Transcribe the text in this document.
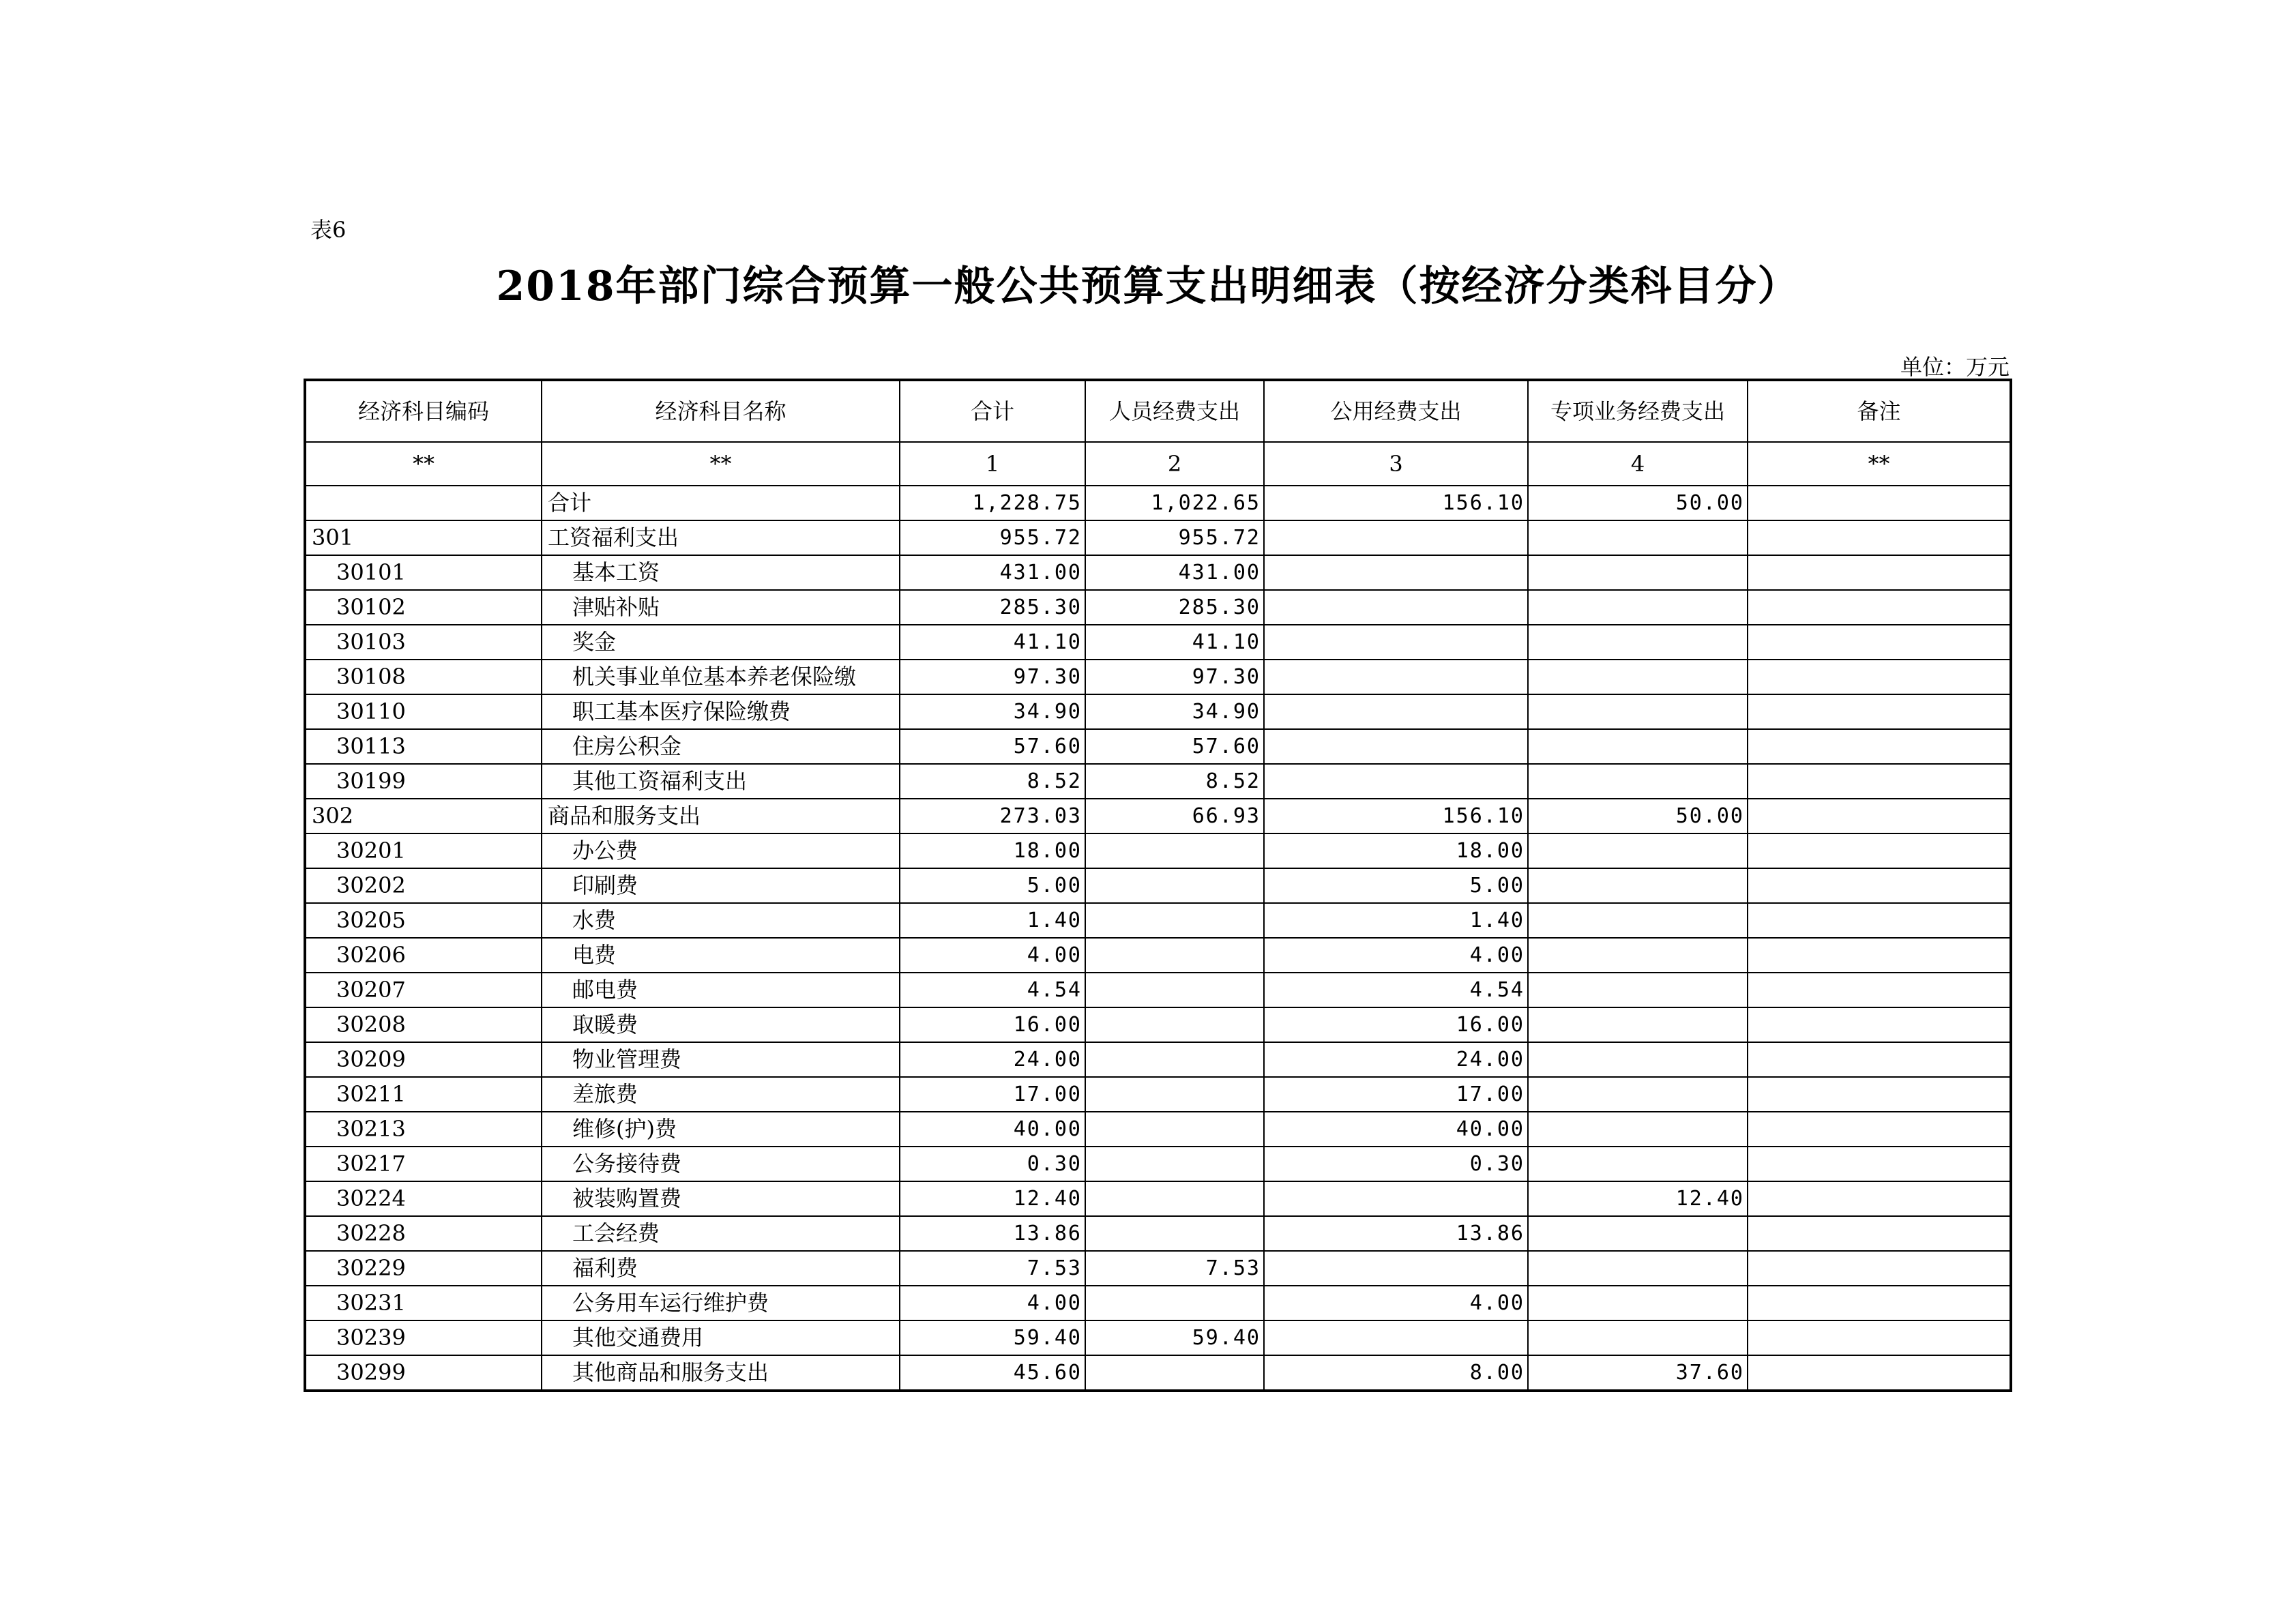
表6
2018年部门综合预算一般公共预算支出明细表（按经济分类科目分）
单位：万元
经济科目编码	经济科目名称	合计	人员经费支出	公用经费支出	专项业务经费支出	备注
**	**	1	2	3	4	**
	合计	1,228.75	1,022.65	156.10	50.00	
301	工资福利支出	955.72	955.72			
30101	基本工资	431.00	431.00			
30102	津贴补贴	285.30	285.30			
30103	奖金	41.10	41.10			
30108	机关事业单位基本养老保险缴	97.30	97.30			
30110	职工基本医疗保险缴费	34.90	34.90			
30113	住房公积金	57.60	57.60			
30199	其他工资福利支出	8.52	8.52			
302	商品和服务支出	273.03	66.93	156.10	50.00	
30201	办公费	18.00		18.00		
30202	印刷费	5.00		5.00		
30205	水费	1.40		1.40		
30206	电费	4.00		4.00		
30207	邮电费	4.54		4.54		
30208	取暖费	16.00		16.00		
30209	物业管理费	24.00		24.00		
30211	差旅费	17.00		17.00		
30213	维修(护)费	40.00		40.00		
30217	公务接待费	0.30		0.30		
30224	被装购置费	12.40			12.40	
30228	工会经费	13.86		13.86		
30229	福利费	7.53	7.53			
30231	公务用车运行维护费	4.00		4.00		
30239	其他交通费用	59.40	59.40			
30299	其他商品和服务支出	45.60		8.00	37.60	
